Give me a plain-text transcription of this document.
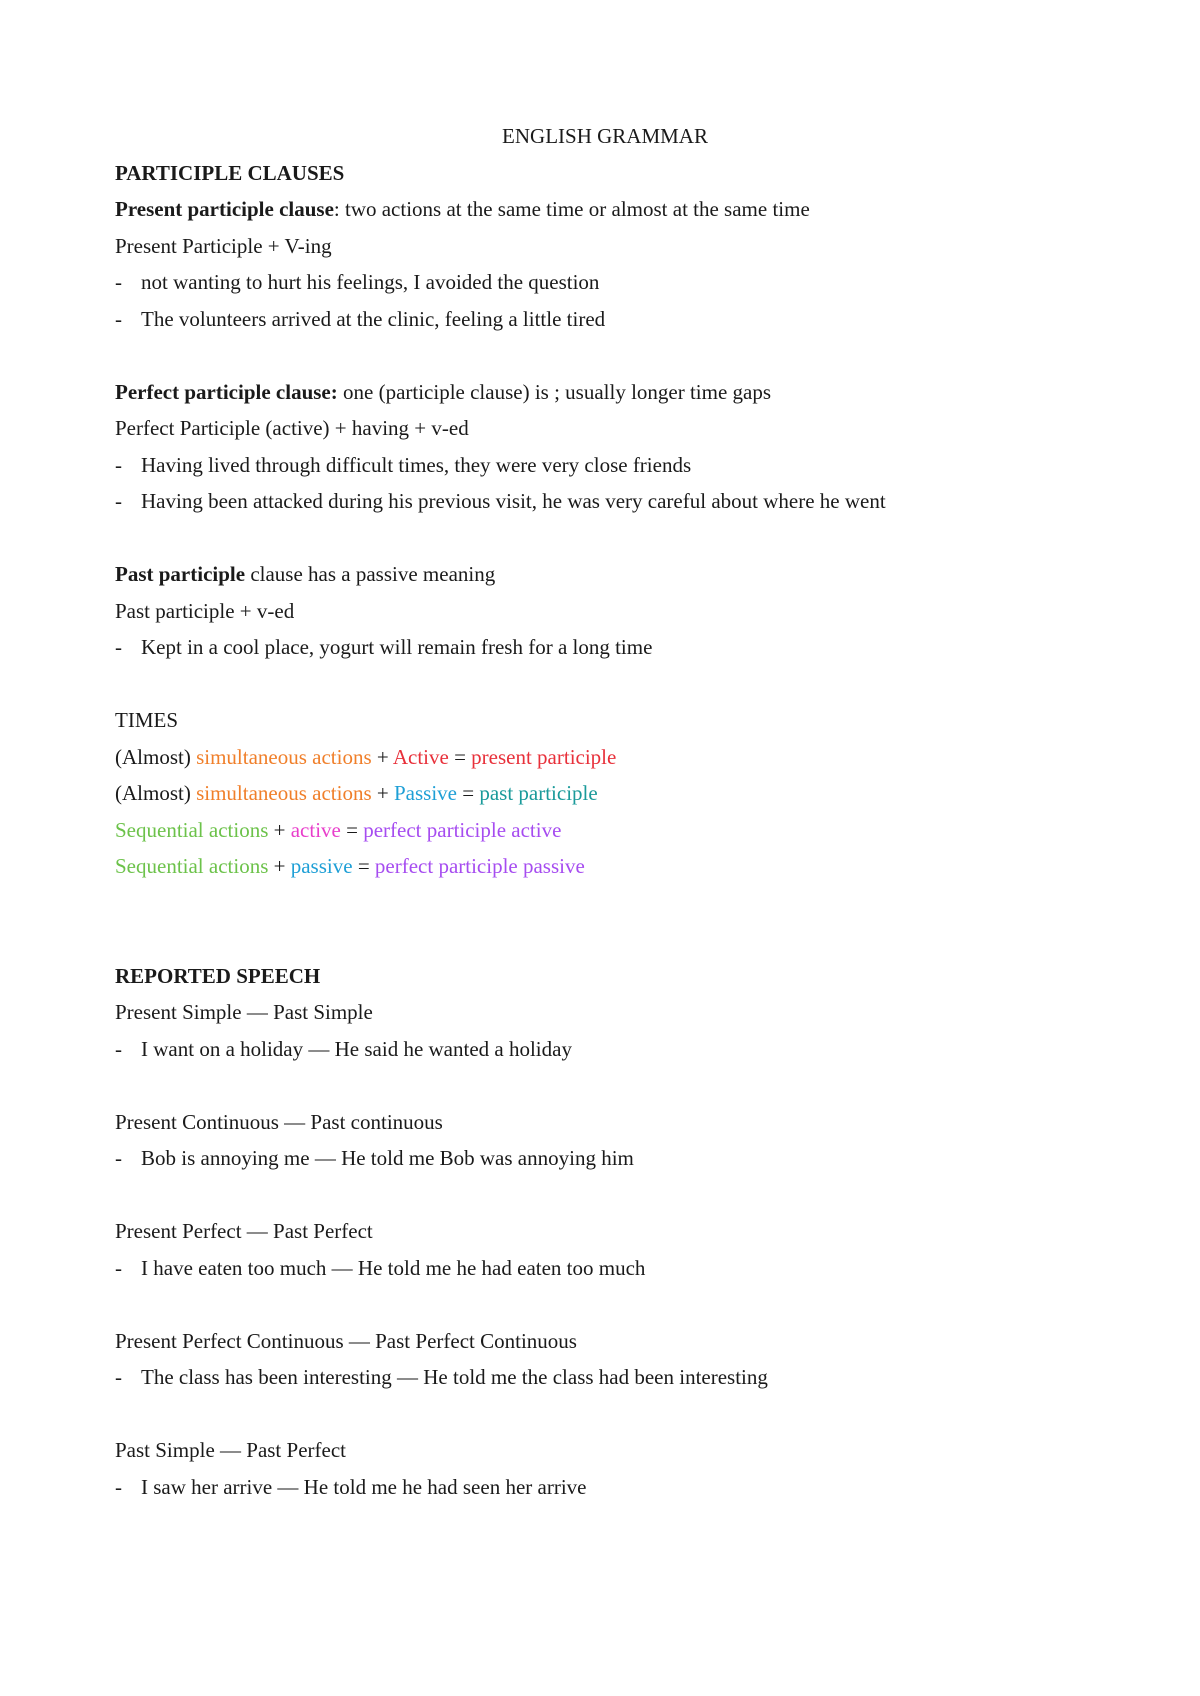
ENGLISH GRAMMAR
PARTICIPLE CLAUSES
Present participle clause: two actions at the same time or almost at the same time
Present Participle + V-ing
- not wanting to hurt his feelings, I avoided the question
- The volunteers arrived at the clinic, feeling a little tired
Perfect participle clause: one (participle clause) is ; usually longer time gaps
Perfect Participle (active) + having + v-ed
- Having lived through difficult times, they were very close friends
- Having been attacked during his previous visit, he was very careful about where he went
Past participle clause has a passive meaning
Past participle + v-ed
- Kept in a cool place, yogurt will remain fresh for a long time
TIMES
(Almost) simultaneous actions + Active = present participle
(Almost) simultaneous actions + Passive = past participle
Sequential actions + active = perfect participle active
Sequential actions + passive = perfect participle passive
REPORTED SPEECH
Present Simple — Past Simple
- I want on a holiday — He said he wanted a holiday
Present Continuous — Past continuous
- Bob is annoying me — He told me Bob was annoying him
Present Perfect — Past Perfect
- I have eaten too much — He told me he had eaten too much
Present Perfect Continuous — Past Perfect Continuous
- The class has been interesting — He told me the class had been interesting
Past Simple — Past Perfect
- I saw her arrive — He told me he had seen her arrive
